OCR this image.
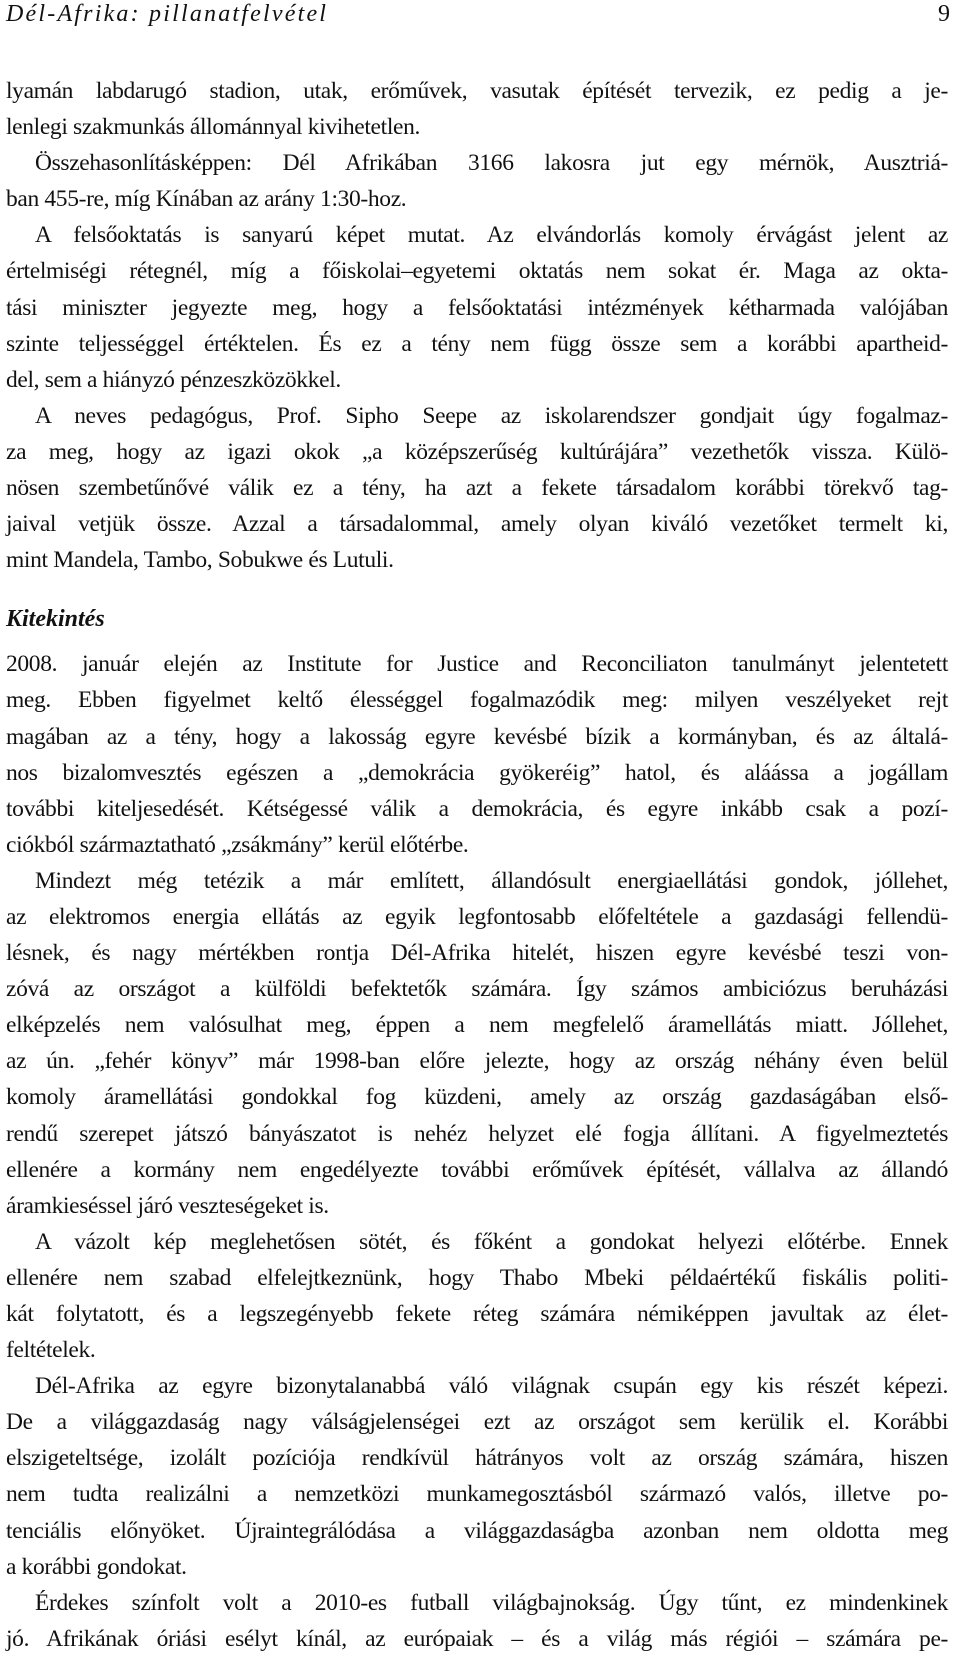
Dél-Afrika: pillanatfelvétel	9
lyamán labdarugó stadion, utak, erőművek, vasutak építését tervezik, ez pedig a je-
lenlegi szakmunkás állománnyal kivihetetlen.
Összehasonlításképpen: Dél Afrikában 3166 lakosra jut egy mérnök, Ausztriá-
ban 455-re, míg Kínában az arány 1:30-hoz.
A felsőoktatás is sanyarú képet mutat. Az elvándorlás komoly érvágást jelent az
értelmiségi rétegnél, míg a főiskolai–egyetemi oktatás nem sokat ér. Maga az okta-
tási miniszter jegyezte meg, hogy a felsőoktatási intézmények kétharmada valójában
szinte teljességgel értéktelen. És ez a tény nem függ össze sem a korábbi apartheid-
del, sem a hiányzó pénzeszközökkel.
A neves pedagógus, Prof. Sipho Seepe az iskolarendszer gondjait úgy fogalmaz-
za meg, hogy az igazi okok „a középszerűség kultúrájára” vezethetők vissza. Külö-
nösen szembetűnővé válik ez a tény, ha azt a fekete társadalom korábbi törekvő tag-
jaival vetjük össze. Azzal a társadalommal, amely olyan kiváló vezetőket termelt ki,
mint Mandela, Tambo, Sobukwe és Lutuli.
Kitekintés
2008. január elején az Institute for Justice and Reconciliaton tanulmányt jelentetett
meg. Ebben figyelmet keltő élességgel fogalmazódik meg: milyen veszélyeket rejt
magában az a tény, hogy a lakosság egyre kevésbé bízik a kormányban, és az általá-
nos bizalomvesztés egészen a „demokrácia gyökeréig” hatol, és aláássa a jogállam
további kiteljesedését. Kétségessé válik a demokrácia, és egyre inkább csak a pozí-
ciókból származtatható „zsákmány” kerül előtérbe.
Mindezt még tetézik a már említett, állandósult energiaellátási gondok, jóllehet,
az elektromos energia ellátás az egyik legfontosabb előfeltétele a gazdasági fellendü-
lésnek, és nagy mértékben rontja Dél-Afrika hitelét, hiszen egyre kevésbé teszi von-
zóvá az országot a külföldi befektetők számára. Így számos ambiciózus beruházási
elképzelés nem valósulhat meg, éppen a nem megfelelő áramellátás miatt. Jóllehet,
az ún. „fehér könyv” már 1998-ban előre jelezte, hogy az ország néhány éven belül
komoly áramellátási gondokkal fog küzdeni, amely az ország gazdaságában első-
rendű szerepet játszó bányászatot is nehéz helyzet elé fogja állítani. A figyelmeztetés
ellenére a kormány nem engedélyezte további erőművek építését, vállalva az állandó
áramkieséssel járó veszteségeket is.
A vázolt kép meglehetősen sötét, és főként a gondokat helyezi előtérbe. Ennek
ellenére nem szabad elfelejtkeznünk, hogy Thabo Mbeki példaértékű fiskális politi-
kát folytatott, és a legszegényebb fekete réteg számára némiképpen javultak az élet-
feltételek.
Dél-Afrika az egyre bizonytalanabbá váló világnak csupán egy kis részét képezi.
De a világgazdaság nagy válságjelenségei ezt az országot sem kerülik el. Korábbi
elszigeteltsége, izolált pozíciója rendkívül hátrányos volt az ország számára, hiszen
nem tudta realizálni a nemzetközi munkamegosztásból származó valós, illetve po-
tenciális előnyöket. Újraintegrálódása a világgazdaságba azonban nem oldotta meg
a korábbi gondokat.
Érdekes színfolt volt a 2010-es futball világbajnokság. Úgy tűnt, ez mindenkinek
jó. Afrikának óriási esélyt kínál, az európaiak – és a világ más régiói – számára pe-
